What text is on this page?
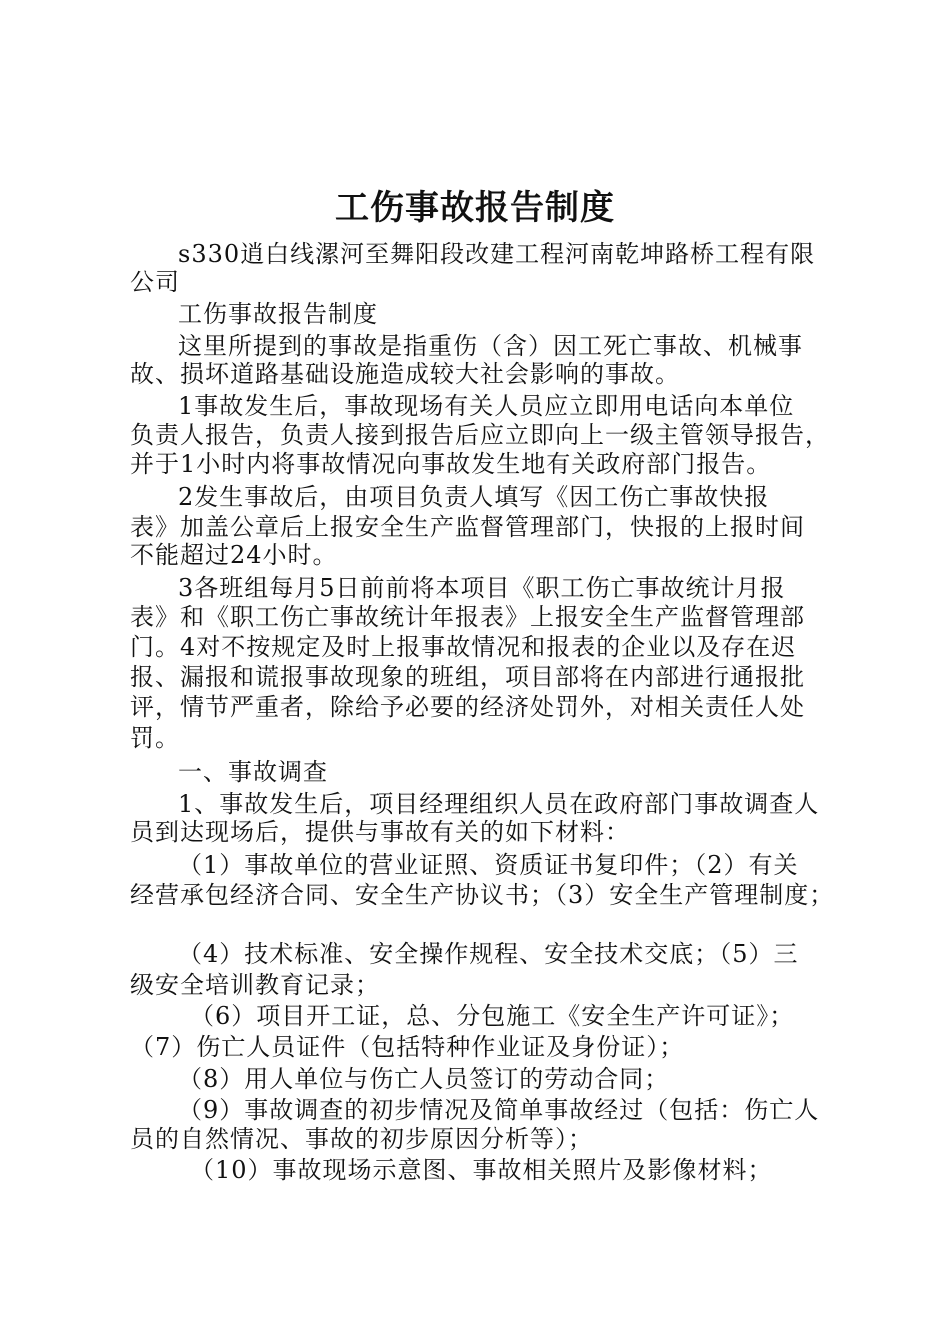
工伤事故报告制度
s330逍白线漯河至舞阳段改建工程河南乾坤路桥工程有限
公司
工伤事故报告制度
这里所提到的事故是指重伤（含）因工死亡事故、机械事
故、损坏道路基础设施造成较大社会影响的事故。
1事故发生后，事故现场有关人员应立即用电话向本单位
负责人报告，负责人接到报告后应立即向上一级主管领导报告，
并于1小时内将事故情况向事故发生地有关政府部门报告。
2发生事故后，由项目负责人填写《因工伤亡事故快报
表》加盖公章后上报安全生产监督管理部门，快报的上报时间
不能超过24小时。
3各班组每月5日前前将本项目《职工伤亡事故统计月报
表》和《职工伤亡事故统计年报表》上报安全生产监督管理部
门。4对不按规定及时上报事故情况和报表的企业以及存在迟
报、漏报和谎报事故现象的班组，项目部将在内部进行通报批
评，情节严重者，除给予必要的经济处罚外，对相关责任人处
罚。
一、事故调查
1、事故发生后，项目经理组织人员在政府部门事故调查人
员到达现场后，提供与事故有关的如下材料：
（1）事故单位的营业证照、资质证书复印件；（2）有关
经营承包经济合同、安全生产协议书；（3）安全生产管理制度；
（4）技术标准、安全操作规程、安全技术交底；（5）三
级安全培训教育记录；
（6）项目开工证，总、分包施工《安全生产许可证》；
（7）伤亡人员证件（包括特种作业证及身份证）；
（8）用人单位与伤亡人员签订的劳动合同；
（9）事故调查的初步情况及简单事故经过（包括：伤亡人
员的自然情况、事故的初步原因分析等）；
（10）事故现场示意图、事故相关照片及影像材料；
